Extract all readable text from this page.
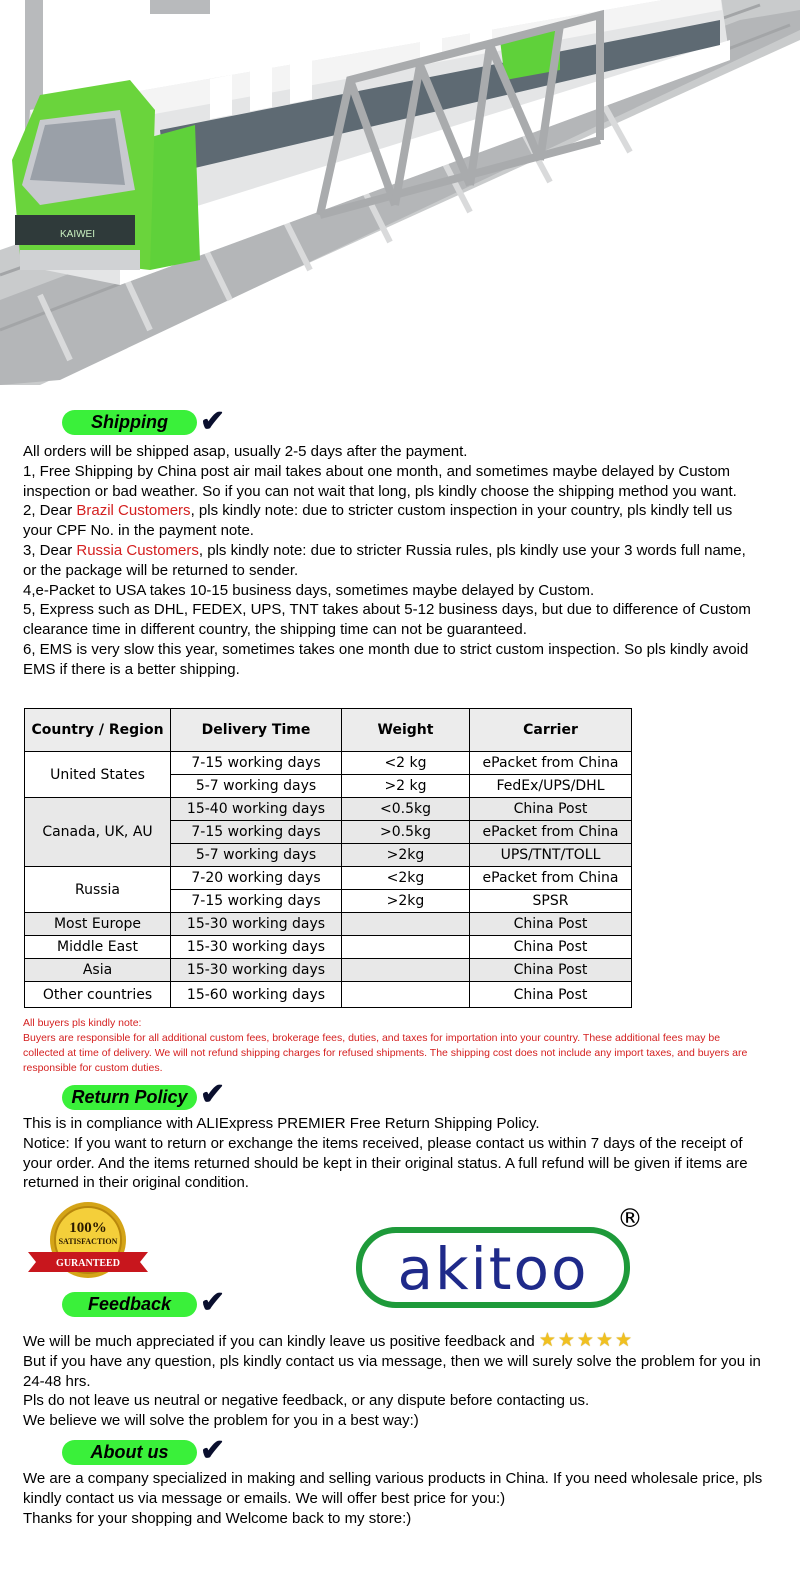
KAIWEI
Shipping	✔

All orders will be shipped asap, usually 2-5 days after the payment.

1, Free Shipping by China post air mail takes about one month, and sometimes maybe delayed by Custom inspection or bad weather. So if you can not wait that long, pls kindly choose the shipping method you want.

2, Dear Brazil Customers, pls kindly note: due to stricter custom inspection in your country, pls kindly tell us your CPF No. in the payment note.

3, Dear Russia Customers, pls kindly note: due to stricter Russia rules, pls kindly use your 3 words full name, or the package will be returned to sender.

4,e-Packet to USA takes 10-15 business days, sometimes maybe delayed by Custom.

5, Express such as DHL, FEDEX, UPS, TNT takes about 5-12 business days, but due to difference of Custom clearance time in different country, the shipping time can not be guaranteed.

6, EMS is very slow this year, sometimes takes one month due to strict custom inspection. So pls kindly avoid EMS if there is a better shipping.

Country / Region	Delivery Time	Weight	Carrier
United States	7-15 working days	<2 kg	ePacket from China
	5-7 working days	>2 kg	FedEx/UPS/DHL
Canada, UK, AU	15-40 working days	<0.5kg	China Post
	7-15 working days	>0.5kg	ePacket from China
	5-7 working days	>2kg	UPS/TNT/TOLL
Russia	7-20 working days	<2kg	ePacket from China
	7-15 working days	>2kg	SPSR
Most Europe	15-30 working days		China Post
Middle East	15-30 working days		China Post
Asia	15-30 working days		China Post
Other countries	15-60 working days		China Post
All buyers pls kindly note:
Buyers are responsible for all additional custom fees, brokerage fees, duties, and taxes for importation into your country. These additional fees may be collected at time of delivery. We will not refund shipping charges for refused shipments. The shipping cost does not include any import taxes, and buyers are responsible for custom duties.
Return Policy ✔

This is in compliance with ALIExpress PREMIER Free Return Shipping Policy.

Notice: If you want to return or exchange the items received, please contact us within 7 days of the receipt of your order. And the items returned should be kept in their original status. A full refund will be given if items are returned in their original condition.

100%
SATISFACTION
GURANTEED	akitoo
®
Feedback ✔

We will be much appreciated if you can kindly leave us positive feedback and ★★★★★

But if you have any question, pls kindly contact us via message, then we will surely solve the problem for you in 24-48 hrs.

Pls do not leave us neutral or negative feedback, or any dispute before contacting us.

We believe we will solve the problem for you in a best way:)

About us	✔

We are a company specialized in making and selling various products in China. If you need wholesale price, pls kindly contact us via message or emails. We will offer best price for you:)

Thanks for your shopping and Welcome back to my store:)
